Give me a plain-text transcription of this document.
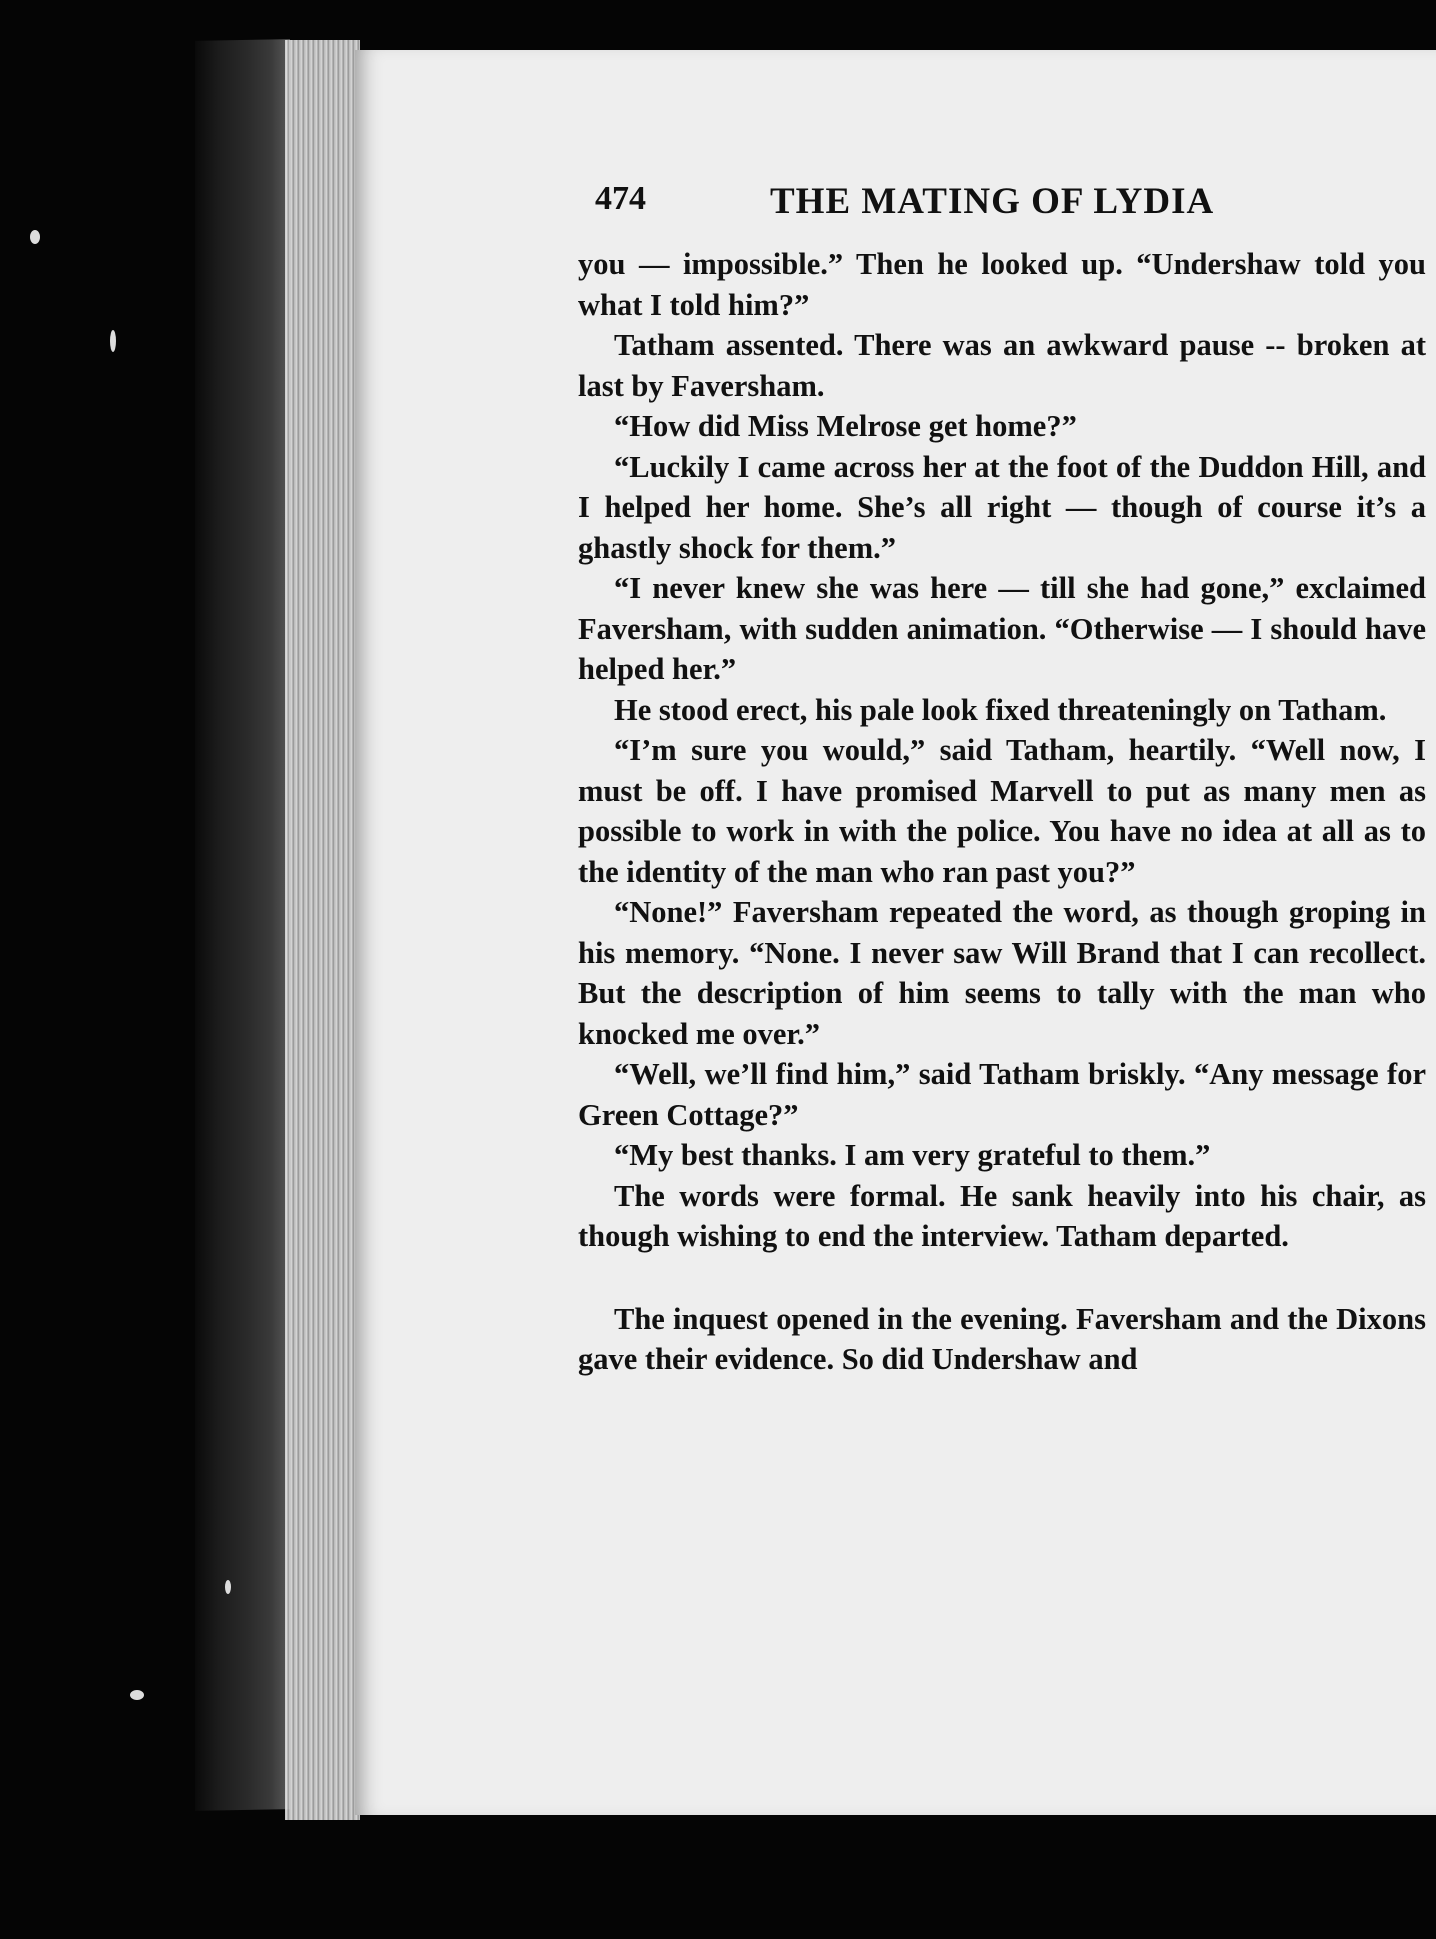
474	THE MATING OF LYDIA

you — impossible.” Then he looked up. “Undershaw told you what I told him?”

Tatham assented. There was an awkward pause -- broken at last by Faversham.

“How did Miss Melrose get home?”

“Luckily I came across her at the foot of the Duddon Hill, and I helped her home. She’s all right — though of course it’s a ghastly shock for them.”

“I never knew she was here — till she had gone,” exclaimed Faversham, with sudden animation. “Otherwise — I should have helped her.”

He stood erect, his pale look fixed threateningly on Tatham.

“I’m sure you would,” said Tatham, heartily. “Well now, I must be off. I have promised Marvell to put as many men as possible to work in with the police. You have no idea at all as to the identity of the man who ran past you?”

“None!” Faversham repeated the word, as though groping in his memory. “None. I never saw Will Brand that I can recollect. But the description of him seems to tally with the man who knocked me over.”

“Well, we’ll find him,” said Tatham briskly. “Any message for Green Cottage?”

“My best thanks. I am very grateful to them.”

The words were formal. He sank heavily into his chair, as though wishing to end the interview. Tatham departed.

The inquest opened in the evening. Faversham and the Dixons gave their evidence. So did Undershaw and
